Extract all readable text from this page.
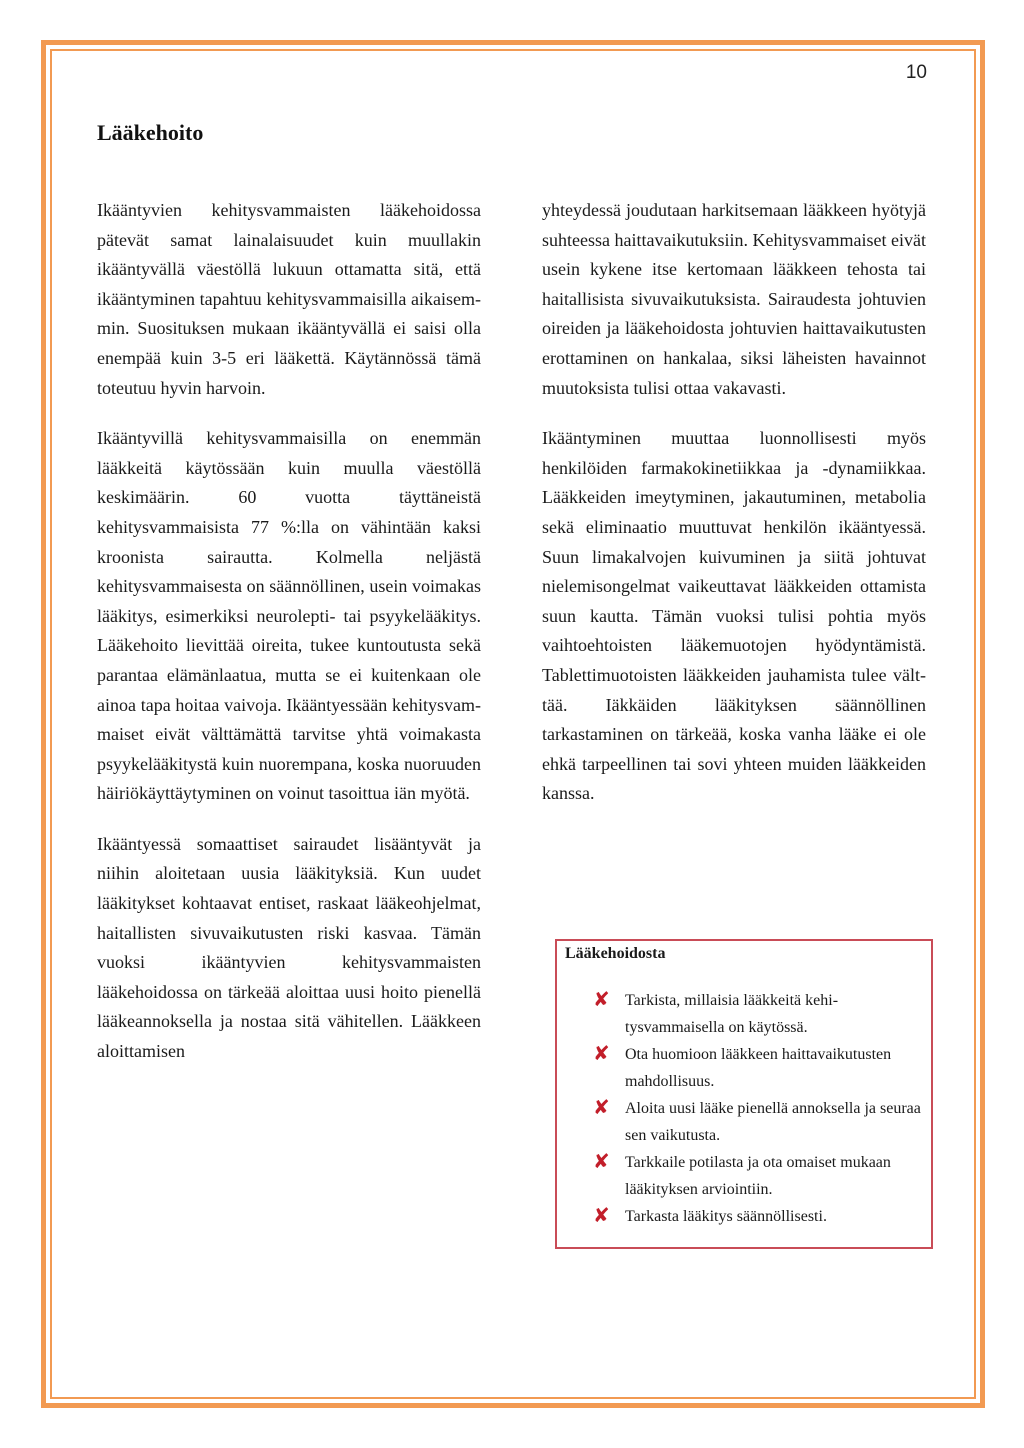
10
Lääkehoito

Ikääntyvien kehitysvammaisten lääkehoidossa pätevät samat lainalaisuudet kuin muullakin ikääntyvällä väestöllä lukuun ottamatta sitä, että ikääntyminen tapahtuu kehitysvammaisilla aikaisemmin. Suosituksen mukaan ikääntyvällä ei saisi olla enempää kuin 3-5 eri lääkettä. Käytännössä tämä toteutuu hyvin harvoin.

Ikääntyvillä kehitysvammaisilla on enemmän lääkkeitä käytössään kuin muulla väestöllä keskimäärin. 60 vuotta täyttäneistä kehitysvammaisista 77 %:lla on vähintään kaksi kroonista sairautta. Kolmella neljästä kehitysvammaisesta on säännöllinen, usein voimakas lääkitys, esimerkiksi neurolepti- tai psyykelääkitys. Lääkehoito lievittää oireita, tukee kuntoutusta sekä parantaa elämänlaatua, mutta se ei kuitenkaan ole ainoa tapa hoitaa vaivoja. Ikääntyessään kehitysvammaiset eivät välttämättä tarvitse yhtä voimakasta psyykelääkitystä kuin nuorempana, koska nuoruuden häiriökäyttäytyminen on voinut tasoittua iän myötä.

Ikääntyessä somaattiset sairaudet lisääntyvät ja niihin aloitetaan uusia lääkityksiä. Kun uudet lääkitykset kohtaavat entiset, raskaat lääkeohjelmat, haitallisten sivuvaikutusten riski kasvaa. Tämän vuoksi ikääntyvien kehitysvammaisten lääkehoidossa on tärkeää aloittaa uusi hoito pienellä lääkeannoksella ja nostaa sitä vähitellen. Lääkkeen aloittamisen

yhteydessä joudutaan harkitsemaan lääkkeen hyötyjä suhteessa haittavaikutuksiin. Kehitysvammaiset eivät usein kykene itse kertomaan lääkkeen tehosta tai haitallisista sivuvaikutuksista. Sairaudesta johtuvien oireiden ja lääkehoidosta johtuvien haittavaikutusten erottaminen on hankalaa, siksi läheisten havainnot muutoksista tulisi ottaa vakavasti.

Ikääntyminen muuttaa luonnollisesti myös henkilöiden farmakokinetiikkaa ja -dynamiikkaa. Lääkkeiden imeytyminen, jakautuminen, metabolia sekä eliminaatio muuttuvat henkilön ikääntyessä. Suun limakalvojen kuivuminen ja siitä johtuvat nielemisongelmat vaikeuttavat lääkkeiden ottamista suun kautta. Tämän vuoksi tulisi pohtia myös vaihtoehtoisten lääkemuotojen hyödyntämistä. Tablettimuotoisten lääkkeiden jauhamista tulee välttää. Iäkkäiden lääkityksen säännöllinen tarkastaminen on tärkeää, koska vanha lääke ei ole ehkä tarpeellinen tai sovi yhteen muiden lääkkeiden kanssa.

Lääkehoidosta
✘ Tarkista, millaisia lääkkeitä kehitysvammaisella on käytössä.
✘ Ota huomioon lääkkeen haittavaikutusten mahdollisuus.
✘ Aloita uusi lääke pienellä annoksella ja seuraa sen vaikutusta.
✘ Tarkkaile potilasta ja ota omaiset mukaan lääkityksen arviointiin.
✘ Tarkasta lääkitys säännöllisesti.
